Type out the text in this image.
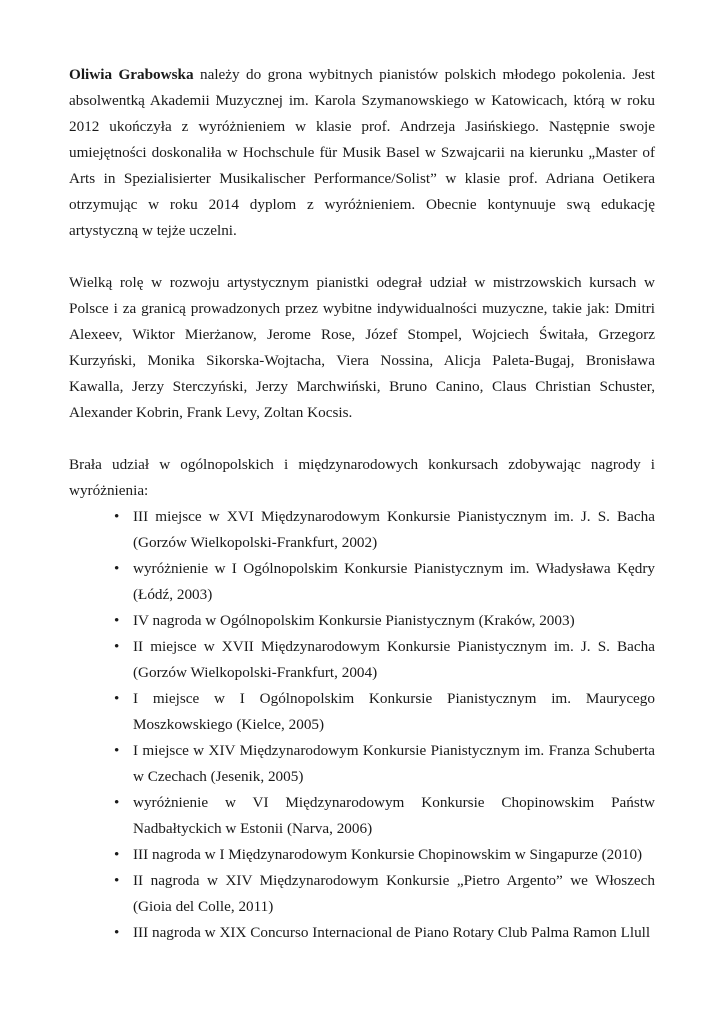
Oliwia Grabowska należy do grona wybitnych pianistów polskich młodego pokolenia. Jest absolwentką Akademii Muzycznej im. Karola Szymanowskiego w Katowicach, którą w roku 2012 ukończyła z wyróżnieniem w klasie prof. Andrzeja Jasińskiego. Następnie swoje umiejętności doskonaliła w Hochschule für Musik Basel w Szwajcarii na kierunku „Master of Arts in Spezialisierter Musikalischer Performance/Solist” w klasie prof. Adriana Oetikera otrzymując w roku 2014 dyplom z wyróżnieniem. Obecnie kontynuuje swą edukację artystyczną w tejże uczelni.

Wielką rolę w rozwoju artystycznym pianistki odegrał udział w mistrzowskich kursach w Polsce i za granicą prowadzonych przez wybitne indywidualności muzyczne, takie jak: Dmitri Alexeev, Wiktor Mierżanow, Jerome Rose, Józef Stompel, Wojciech Świtała, Grzegorz Kurzyński, Monika Sikorska-Wojtacha, Viera Nossina, Alicja Paleta-Bugaj, Bronisława Kawalla, Jerzy Sterczyński, Jerzy Marchwiński, Bruno Canino, Claus Christian Schuster, Alexander Kobrin, Frank Levy, Zoltan Kocsis.

Brała udział w ogólnopolskich i międzynarodowych konkursach zdobywając nagrody i wyróżnienia:

• III miejsce w XVI Międzynarodowym Konkursie Pianistycznym im. J. S. Bacha (Gorzów Wielkopolski-Frankfurt, 2002)
• wyróżnienie w I Ogólnopolskim Konkursie Pianistycznym im. Władysława Kędry (Łódź, 2003)
• IV nagroda w Ogólnopolskim Konkursie Pianistycznym (Kraków, 2003)
• II miejsce w XVII Międzynarodowym Konkursie Pianistycznym im. J. S. Bacha (Gorzów Wielkopolski-Frankfurt, 2004)
• I miejsce w I Ogólnopolskim Konkursie Pianistycznym im. Maurycego Moszkowskiego (Kielce, 2005)
• I miejsce w XIV Międzynarodowym Konkursie Pianistycznym im. Franza Schuberta w Czechach (Jesenik, 2005)
• wyróżnienie w VI Międzynarodowym Konkursie Chopinowskim Państw Nadbałtyckich w Estonii (Narva, 2006)
• III nagroda w I Międzynarodowym Konkursie Chopinowskim w Singapurze (2010)
• II nagroda w XIV Międzynarodowym Konkursie „Pietro Argento” we Włoszech (Gioia del Colle, 2011)
• III nagroda w XIX Concurso Internacional de Piano Rotary Club Palma Ramon Llull
